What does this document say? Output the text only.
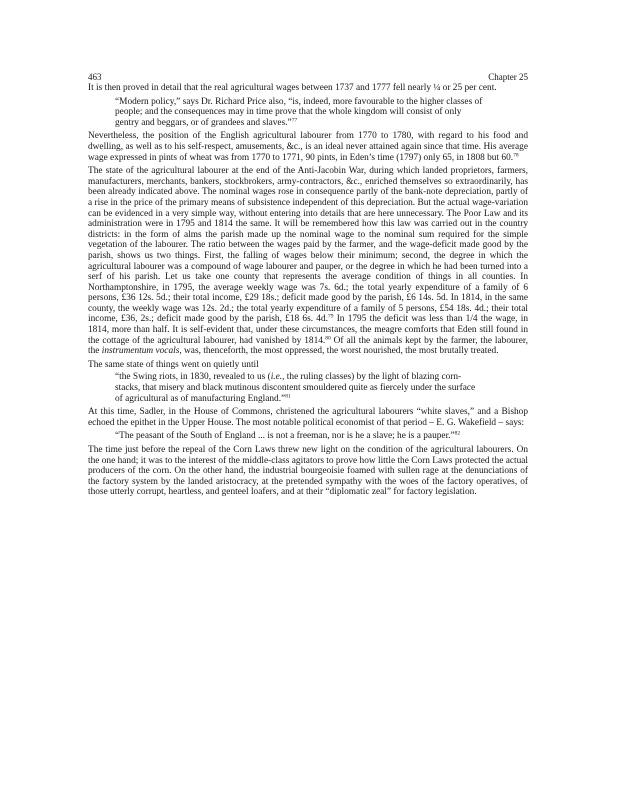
463	Chapter 25

It is then proved in detail that the real agricultural wages between 1737 and 1777 fell nearly ¼ or 25 per cent.

“Modern policy,” says Dr. Richard Price also, “is, indeed, more favourable to the higher classes of people; and the consequences may in time prove that the whole kingdom will consist of only gentry and beggars, or of grandees and slaves.”$^{77}$

Nevertheless, the position of the English agricultural labourer from 1770 to 1780, with regard to his food and dwelling, as well as to his self-respect, amusements, &c., is an ideal never attained again since that time. His average wage expressed in pints of wheat was from 1770 to 1771, 90 pints, in Eden’s time (1797) only 65, in 1808 but 60.78

The state of the agricultural labourer at the end of the Anti-Jacobin War, during which landed proprietors, farmers, manufacturers, merchants, bankers, stockbrokers, army-contractors, &c., enriched themselves so extraordinarily, has been already indicated above. The nominal wages rose in consequence partly of the bank-note depreciation, partly of a rise in the price of the primary means of subsistence independent of this depreciation. But the actual wage-variation can be evidenced in a very simple way, without entering into details that are here unnecessary. The Poor Law and its administration were in 1795 and 1814 the same. It will be remembered how this law was carried out in the country districts: in the form of alms the parish made up the nominal wage to the nominal sum required for the simple vegetation of the labourer. The ratio between the wages paid by the farmer, and the wage-deficit made good by the parish, shows us two things. First, the falling of wages below their minimum; second, the degree in which the agricultural labourer was a compound of wage labourer and pauper, or the degree in which he had been turned into a serf of his parish. Let us take one county that represents the average condition of things in all counties. In Northamptonshire, in 1795, the average weekly wage was 7s. 6d.; the total yearly expenditure of a family of 6 persons, £36 12s. 5d.; their total income, £29 18s.; deficit made good by the parish, £6 14s. 5d. In 1814, in the same county, the weekly wage was 12s. 2d.; the total yearly expenditure of a family of 5 persons, £54 18s. 4d.; their total income, £36, 2s.; deficit made good by the parish, £18 6s. 4d.$^{79}$ In 1795 the deficit was less than 1/4 the wage, in 1814, more than half. It is self-evident that, under these circumstances, the meagre comforts that Eden still found in the cottage of the agricultural labourer, had vanished by 1814.80 Of all the animals kept by the farmer, the labourer, the instrumentum vocals, was, thenceforth, the most oppressed, the worst nourished, the most brutally treated.

The same state of things went on quietly until

“the Swing riots, in 1830, revealed to us (i.e., the ruling classes) by the light of blazing corn-stacks, that misery and black mutinous discontent smouldered quite as fiercely under the surface of agricultural as of manufacturing England.”$^{81}$

At this time, Sadler, in the House of Commons, christened the agricultural labourers “white slaves,” and a Bishop echoed the epithet in the Upper House. The most notable political economist of that period – E. G. Wakefield – says:

“The peasant of the South of England ... is not a freeman, nor is he a slave; he is a pauper.”$^{82}$

The time just before the repeal of the Corn Laws threw new light on the condition of the agricultural labourers. On the one hand; it was to the interest of the middle-class agitators to prove how little the Corn Laws protected the actual producers of the corn. On the other hand, the industrial bourgeoisie foamed with sullen rage at the denunciations of the factory system by the landed aristocracy, at the pretended sympathy with the woes of the factory operatives, of those utterly corrupt, heartless, and genteel loafers, and at their “diplomatic zeal” for factory legislation.
